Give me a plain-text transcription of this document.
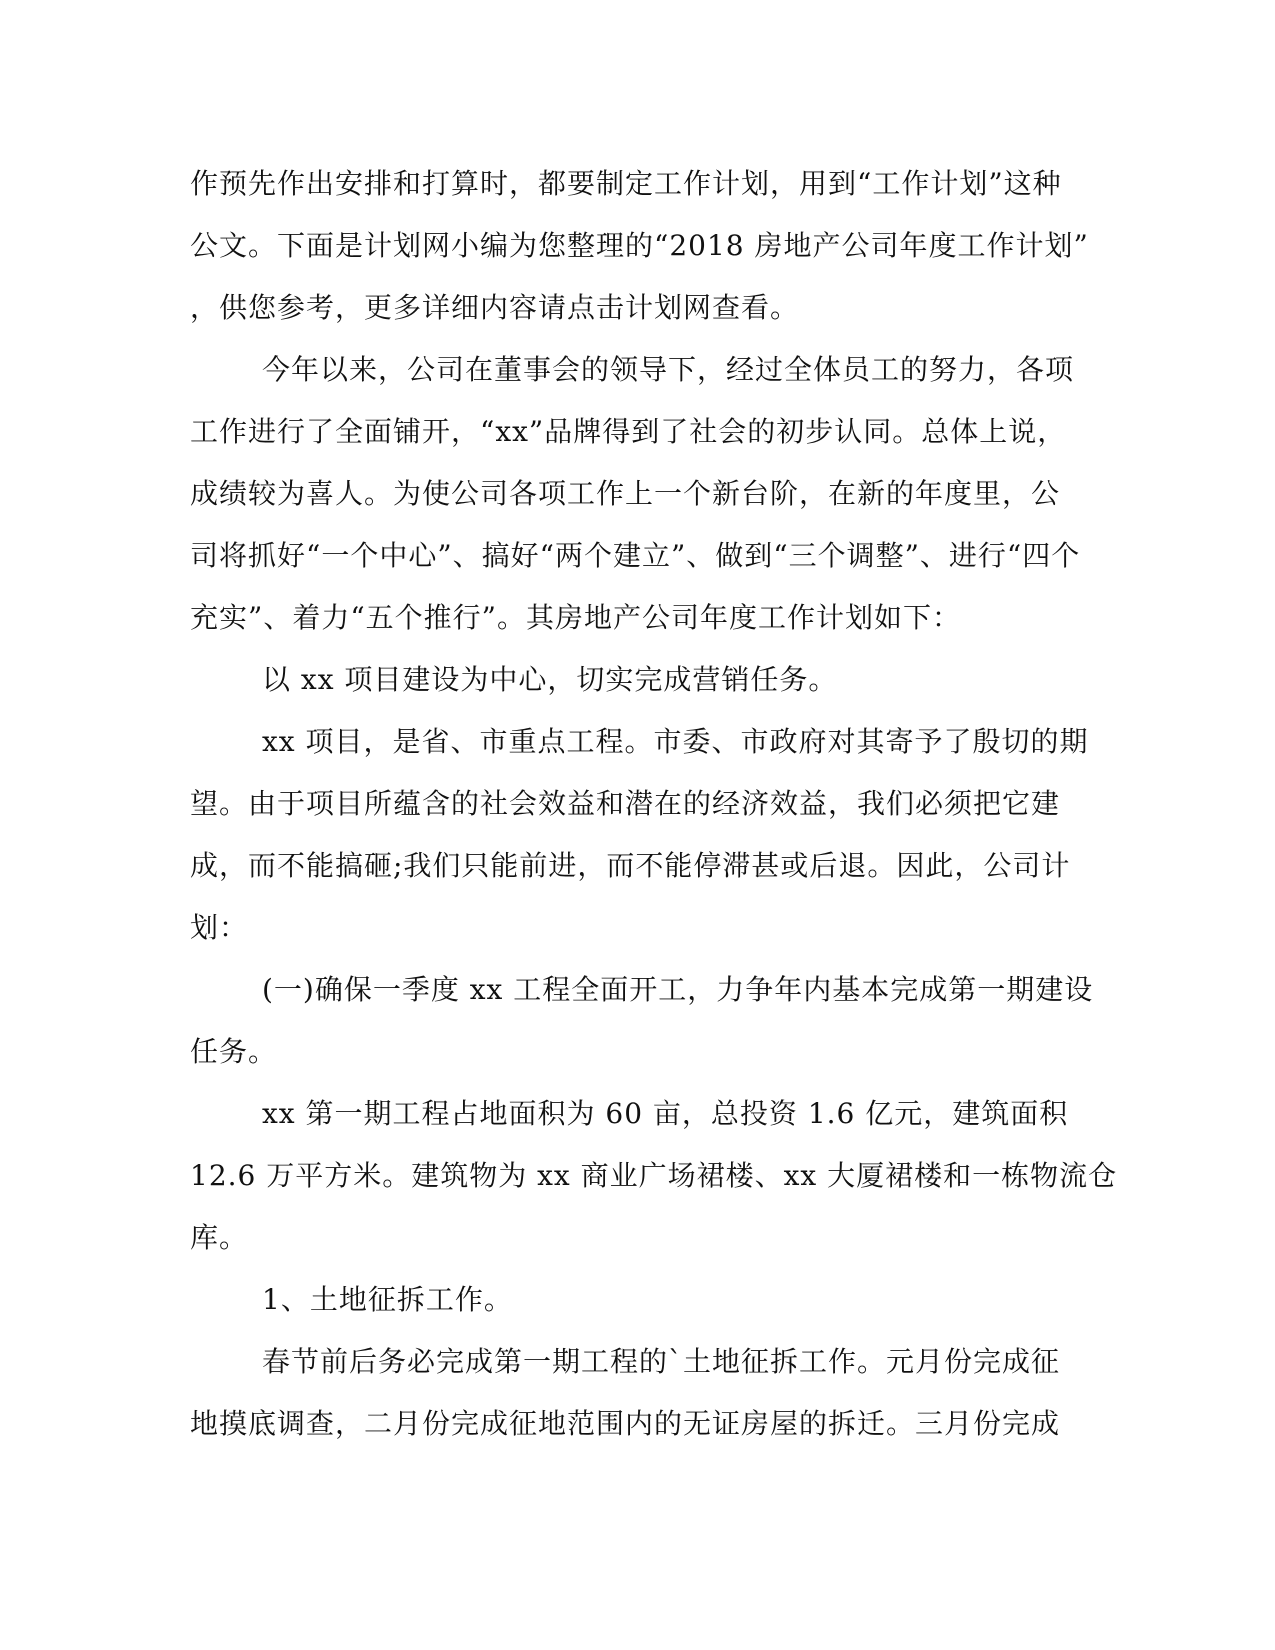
作预先作出安排和打算时，都要制定工作计划，用到“工作计划”这种
公文。下面是计划网小编为您整理的“2018 房地产公司年度工作计划”
，供您参考，更多详细内容请点击计划网查看。
今年以来，公司在董事会的领导下，经过全体员工的努力，各项
工作进行了全面铺开，“xx”品牌得到了社会的初步认同。总体上说，
成绩较为喜人。为使公司各项工作上一个新台阶，在新的年度里，公
司将抓好“一个中心”、搞好“两个建立”、做到“三个调整”、进行“四个
充实”、着力“五个推行”。其房地产公司年度工作计划如下：
以 xx 项目建设为中心，切实完成营销任务。
xx 项目，是省、市重点工程。市委、市政府对其寄予了殷切的期
望。由于项目所蕴含的社会效益和潜在的经济效益，我们必须把它建
成，而不能搞砸;我们只能前进，而不能停滞甚或后退。因此，公司计
划：
(一)确保一季度 xx 工程全面开工，力争年内基本完成第一期建设
任务。
xx 第一期工程占地面积为 60 亩，总投资 1.6 亿元，建筑面积
12.6 万平方米。建筑物为 xx 商业广场裙楼、xx 大厦裙楼和一栋物流仓
库。
1、土地征拆工作。
春节前后务必完成第一期工程的`土地征拆工作。元月份完成征
地摸底调查，二月份完成征地范围内的无证房屋的拆迁。三月份完成
